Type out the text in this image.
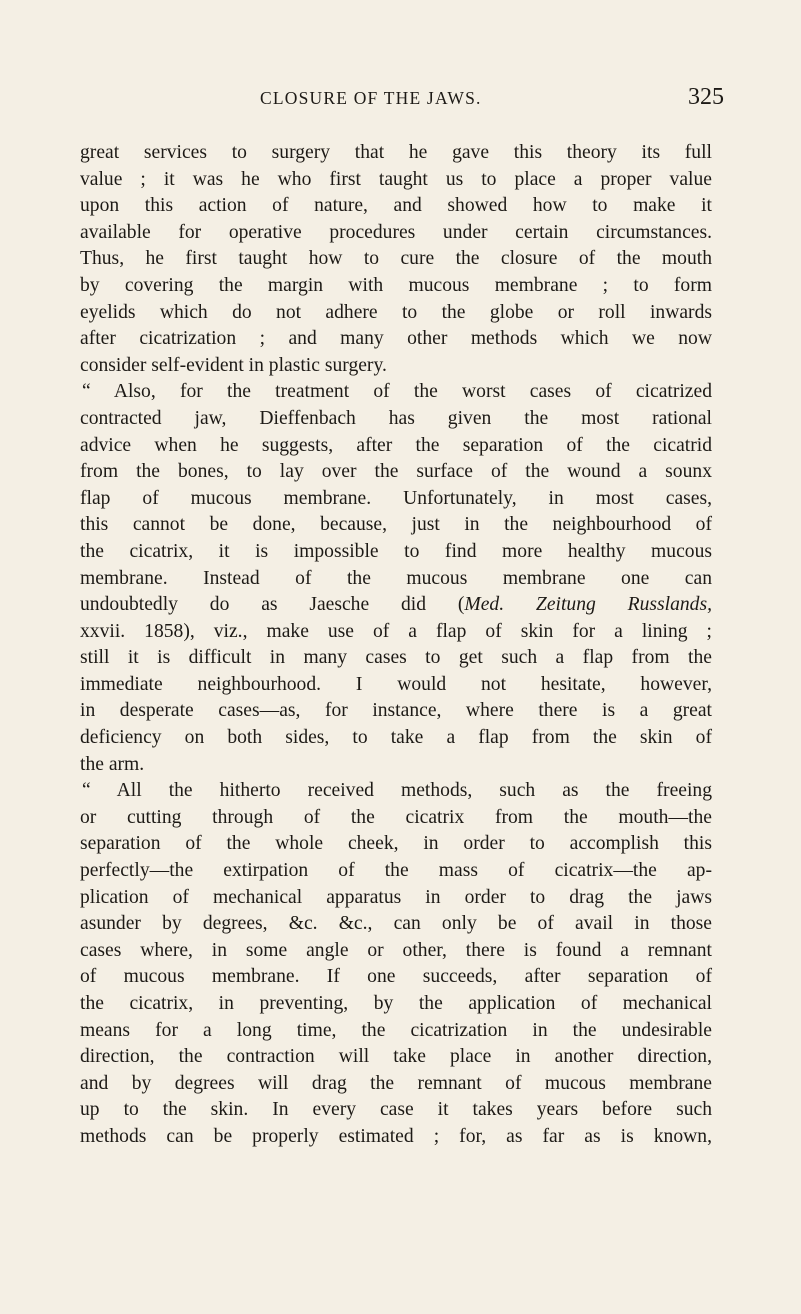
CLOSURE OF THE JAWS.	325
great services to surgery that he gave this theory its full
value ; it was he who first taught us to place a proper value
upon this action of nature, and showed how to make it
available for operative procedures under certain circumstances.
Thus, he first taught how to cure the closure of the mouth
by covering the margin with mucous membrane ; to form
eyelids which do not adhere to the globe or roll inwards
after cicatrization ; and many other methods which we now
consider self-evident in plastic surgery.
“ Also, for the treatment of the worst cases of cicatrized
contracted jaw, Dieffenbach has given the most rational
advice when he suggests, after the separation of the cicatrid
from the bones, to lay over the surface of the wound a sounx
flap of mucous membrane. Unfortunately, in most cases,
this cannot be done, because, just in the neighbourhood of
the cicatrix, it is impossible to find more healthy mucous
membrane. Instead of the mucous membrane one can
undoubtedly do as Jaesche did (Med. Zeitung Russlands,
xxvii. 1858), viz., make use of a flap of skin for a lining ;
still it is difficult in many cases to get such a flap from the
immediate neighbourhood. I would not hesitate, however,
in desperate cases—as, for instance, where there is a great
deficiency on both sides, to take a flap from the skin of
the arm.
“ All the hitherto received methods, such as the freeing
or cutting through of the cicatrix from the mouth—the
separation of the whole cheek, in order to accomplish this
perfectly—the extirpation of the mass of cicatrix—the ap-
plication of mechanical apparatus in order to drag the jaws
asunder by degrees, &c. &c., can only be of avail in those
cases where, in some angle or other, there is found a remnant
of mucous membrane. If one succeeds, after separation of
the cicatrix, in preventing, by the application of mechanical
means for a long time, the cicatrization in the undesirable
direction, the contraction will take place in another direction,
and by degrees will drag the remnant of mucous membrane
up to the skin. In every case it takes years before such
methods can be properly estimated ; for, as far as is known,
